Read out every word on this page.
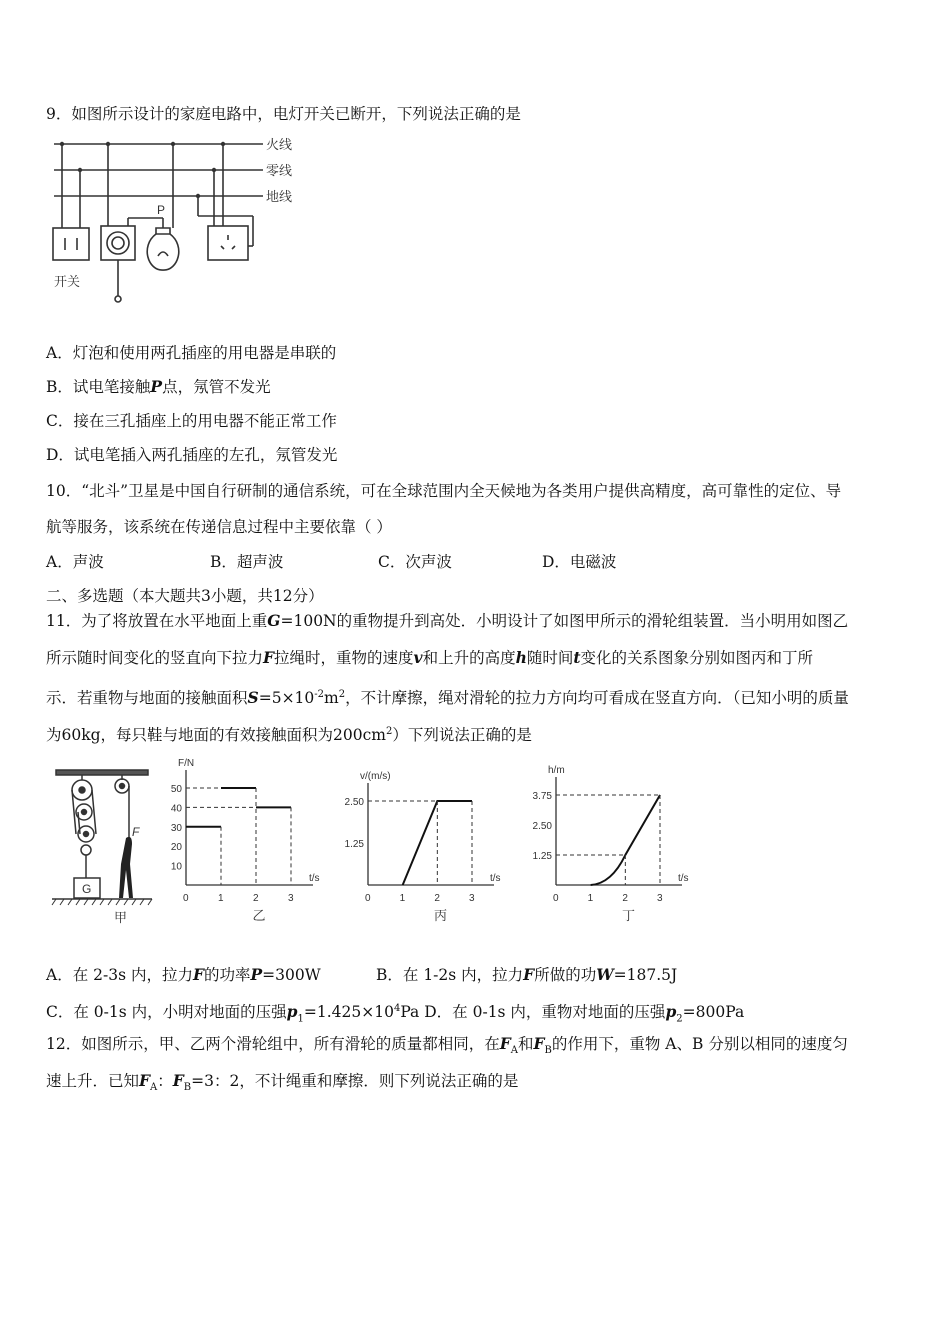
9．如图所示设计的家庭电路中，电灯开关已断开，下列说法正确的是
火线
零线
地线
P
开关
A．灯泡和使用两孔插座的用电器是串联的
B．试电笔接触P点，氖管不发光
C．接在三孔插座上的用电器不能正常工作
D．试电笔插入两孔插座的左孔，氖管发光
10．“北斗”卫星是中国自行研制的通信系统，可在全球范围内全天候地为各类用户提供高精度，高可靠性的定位、导
航等服务，该系统在传递信息过程中主要依靠（ ）
A．声波	B．超声波	C．次声波	D．电磁波
二、多选题（本大题共3小题，共12分）
11．为了将放置在水平地面上重G=100N的重物提升到高处．小明设计了如图甲所示的滑轮组装置．当小明用如图乙
所示随时间变化的竖直向下拉力F拉绳时，重物的速度v和上升的高度h随时间t变化的关系图象分别如图丙和丁所
示．若重物与地面的接触面积$S=5\times 10^{-2}m^2$，不计摩擦，绳对滑轮的拉力方向均可看成在竖直方向．（已知小明的质量
为60kg，每只鞋与地面的有效接触面积为$200cm^2$）下列说法正确的是
F
G
甲
F/N
t/s
0	1	2	3
10
20
30
40
50
乙
v/(m/s)
t/s
0	1	2	3
1.25
2.50
丙
h/m
t/s
0	1	2	3
1.25
2.50
3.75
丁
A．在 2-3s 内，拉力F的功率P=300W	B．在 1-2s 内，拉力F所做的功W=187.5J
C．在 0-1s 内，小明对地面的压强$p_1=1.425\times 10^4Pa$ D．在 0-1s 内，重物对地面的压强$p_2=800Pa$
12．如图所示，甲、乙两个滑轮组中，所有滑轮的质量都相同，在$F_A$和$F_B$的作用下，重物 A、B 分别以相同的速度匀
速上升．已知$F_A$：$F_B=3$：2，不计绳重和摩擦．则下列说法正确的是
